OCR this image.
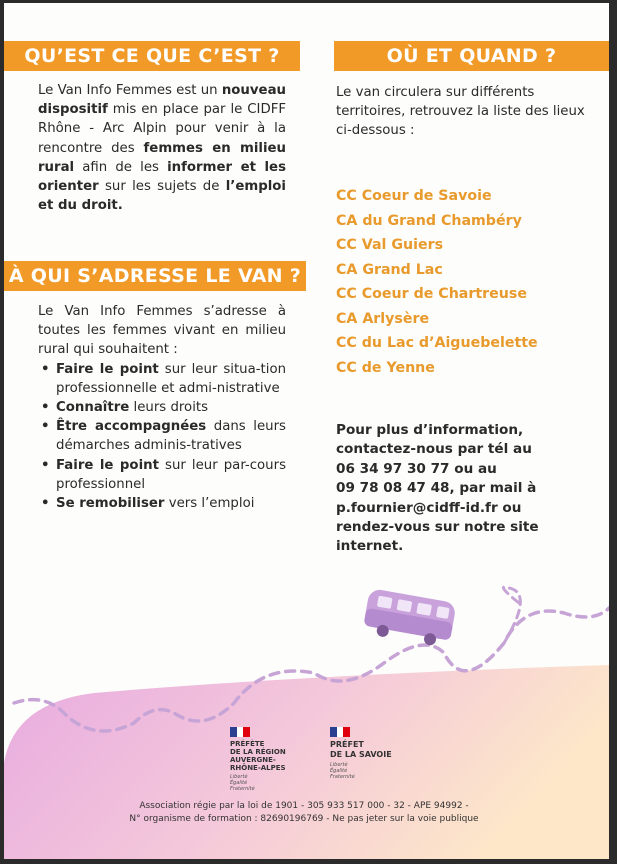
QU’EST CE QUE C’EST ?
Le Van Info Femmes est un nouveau dispositif mis en place par le CIDFF Rhône - Arc Alpin pour venir à la rencontre des femmes en milieu rural afin de les informer et les orienter sur les sujets de l’emploi et du droit.
À QUI S’ADRESSE LE VAN ?
Le Van Info Femmes s’adresse à toutes les femmes vivant en milieu rural qui souhaitent :
• Faire le point sur leur situa-tion professionnelle et admi-nistrative
• Connaître leurs droits
• Être accompagnées dans leurs démarches adminis-tratives
• Faire le point sur leur par-cours professionnel
• Se remobiliser vers l’emploi
OÙ ET QUAND ?
Le van circulera sur différents territoires, retrouvez la liste des lieux ci-dessous :
CC Coeur de Savoie
CA du Grand Chambéry
CC Val Guiers
CA Grand Lac
CC Coeur de Chartreuse
CA Arlysère
CC du Lac d’Aiguebelette
CC de Yenne
Pour plus d’information,
contactez-nous par tél au
06 34 97 30 77 ou au
09 78 08 47 48, par mail à
p.fournier@cidff-id.fr ou
rendez-vous sur notre site
internet.
PRÉFÈTE
DE LA RÉGION
AUVERGNE-
RHÔNE-ALPES
Liberté
Égalité
Fraternité
PRÉFET
DE LA SAVOIE
Liberté
Égalité
Fraternité
Association régie par la loi de 1901 - 305 933 517 000 - 32 - APE 94992 -
N° organisme de formation : 82690196769 - Ne pas jeter sur la voie publique
